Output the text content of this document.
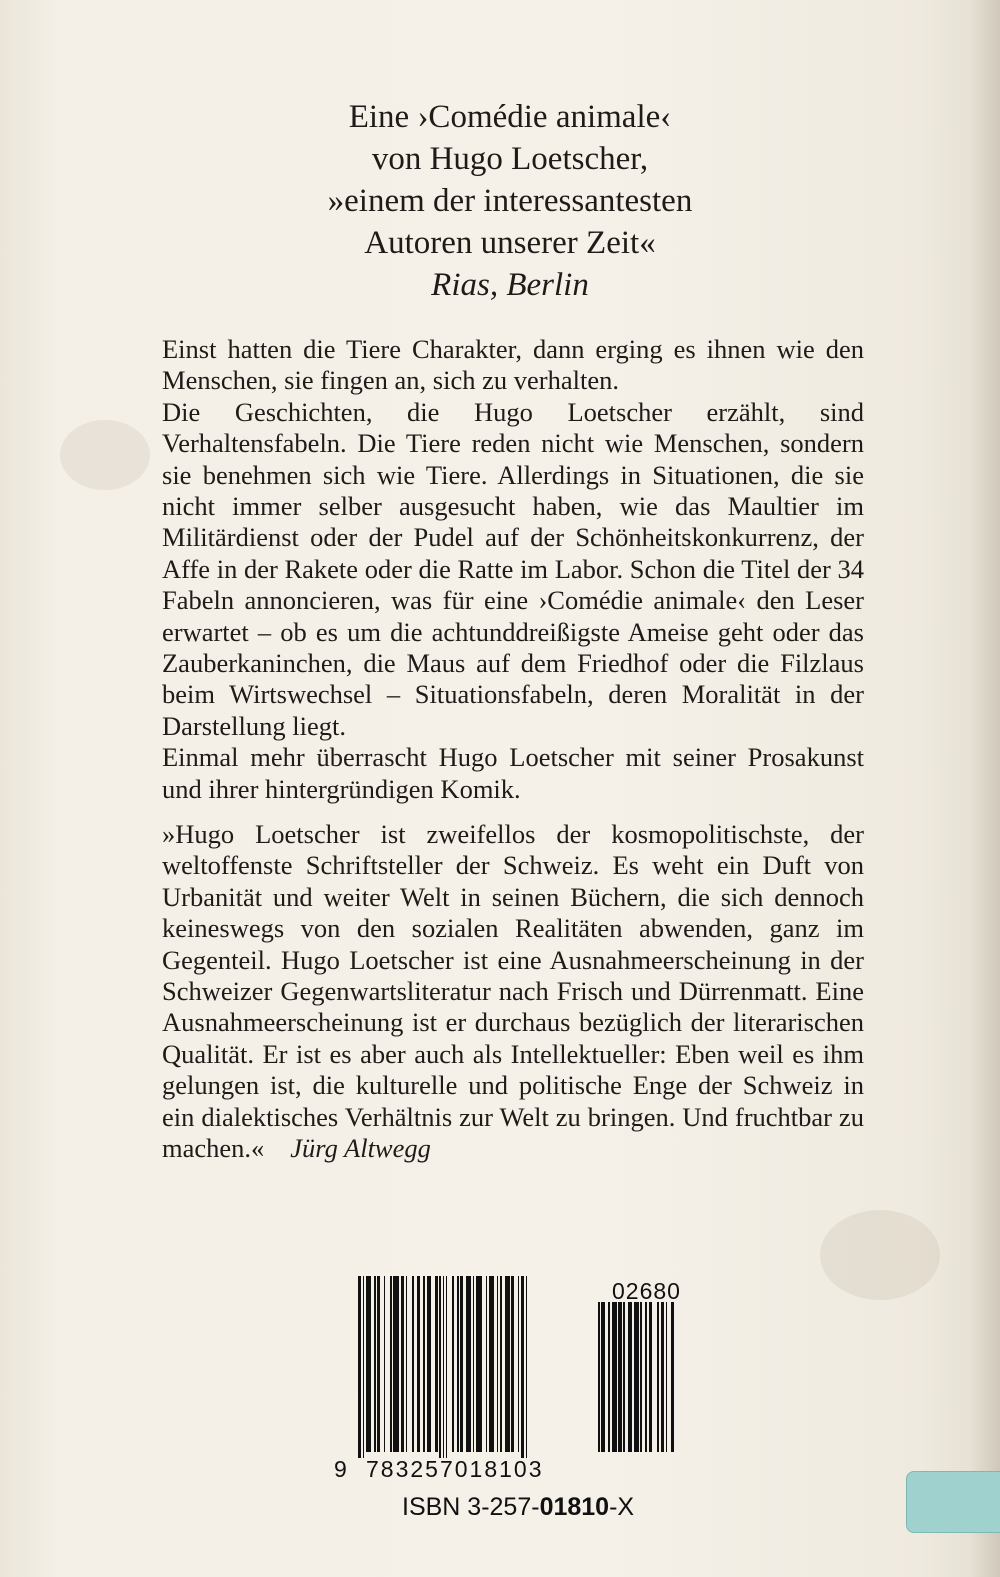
Eine ›Comédie animale‹
von Hugo Loetscher,
»einem der interessantesten
Autoren unserer Zeit«
Rias, Berlin

Einst hatten die Tiere Charakter, dann erging es ihnen wie den Menschen, sie fingen an, sich zu verhalten.

Die Geschichten, die Hugo Loetscher erzählt, sind Verhaltensfabeln. Die Tiere reden nicht wie Menschen, sondern sie benehmen sich wie Tiere. Allerdings in Situationen, die sie nicht immer selber ausgesucht haben, wie das Maultier im Militärdienst oder der Pudel auf der Schönheitskonkurrenz, der Affe in der Rakete oder die Ratte im Labor. Schon die Titel der 34 Fabeln annoncieren, was für eine ›Comédie animale‹ den Leser erwartet – ob es um die achtunddreißigste Ameise geht oder das Zauberkaninchen, die Maus auf dem Friedhof oder die Filzlaus beim Wirtswechsel – Situationsfabeln, deren Moralität in der Darstellung liegt.

Einmal mehr überrascht Hugo Loetscher mit seiner Prosakunst und ihrer hintergründigen Komik.

»Hugo Loetscher ist zweifellos der kosmopolitischste, der weltoffenste Schriftsteller der Schweiz. Es weht ein Duft von Urbanität und weiter Welt in seinen Büchern, die sich dennoch keineswegs von den sozialen Realitäten abwenden, ganz im Gegenteil. Hugo Loetscher ist eine Ausnahmeerscheinung in der Schweizer Gegenwartsliteratur nach Frisch und Dürrenmatt. Eine Ausnahmeerscheinung ist er durchaus bezüglich der literarischen Qualität. Er ist es aber auch als Intellektueller: Eben weil es ihm gelungen ist, die kulturelle und politische Enge der Schweiz in ein dialektisches Verhältnis zur Welt zu bringen. Und fruchtbar zu machen.« Jürg Altwegg
02680
9 783257018103
ISBN 3-257-01810-X
